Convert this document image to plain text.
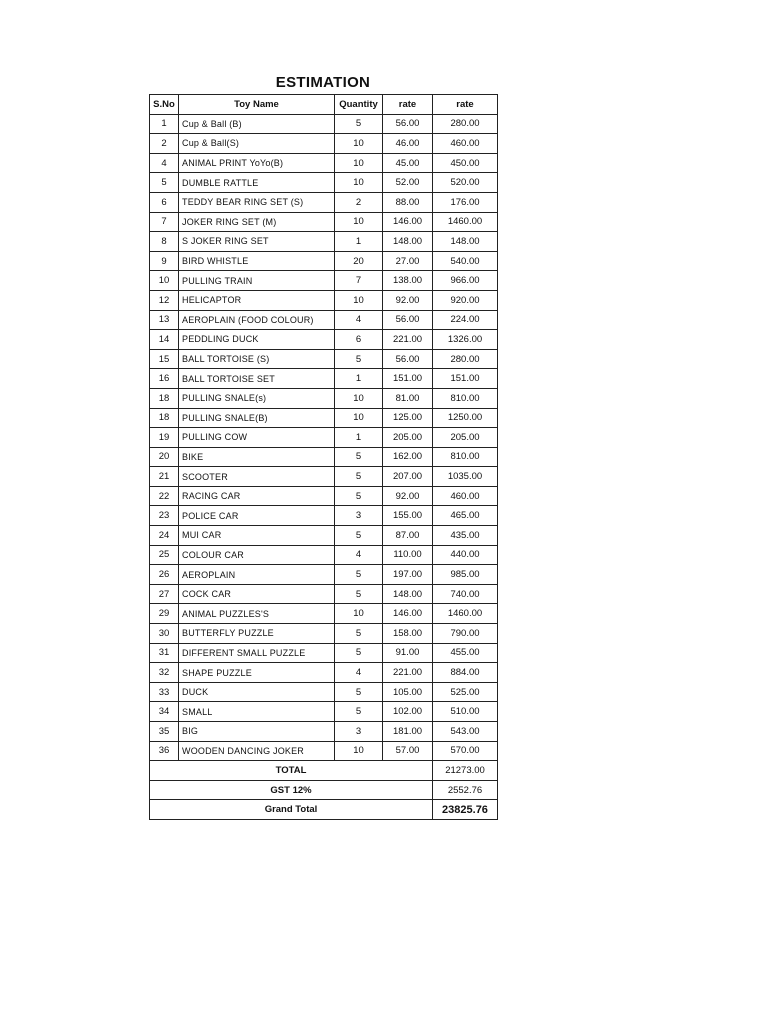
ESTIMATION
S.No	Toy Name	Quantity	rate	rate
1	Cup & Ball (B)	5	56.00	280.00
2	Cup & Ball(S)	10	46.00	460.00
4	ANIMAL PRINT YoYo(B)	10	45.00	450.00
5	DUMBLE RATTLE	10	52.00	520.00
6	TEDDY BEAR RING SET (S)	2	88.00	176.00
7	JOKER RING SET (M)	10	146.00	1460.00
8	S JOKER RING SET	1	148.00	148.00
9	BIRD WHISTLE	20	27.00	540.00
10	PULLING TRAIN	7	138.00	966.00
12	HELICAPTOR	10	92.00	920.00
13	AEROPLAIN (FOOD COLOUR)	4	56.00	224.00
14	PEDDLING DUCK	6	221.00	1326.00
15	BALL TORTOISE (S)	5	56.00	280.00
16	BALL TORTOISE SET	1	151.00	151.00
18	PULLING SNALE(s)	10	81.00	810.00
18	PULLING SNALE(B)	10	125.00	1250.00
19	PULLING COW	1	205.00	205.00
20	BIKE	5	162.00	810.00
21	SCOOTER	5	207.00	1035.00
22	RACING CAR	5	92.00	460.00
23	POLICE CAR	3	155.00	465.00
24	MUI CAR	5	87.00	435.00
25	COLOUR CAR	4	110.00	440.00
26	AEROPLAIN	5	197.00	985.00
27	COCK CAR	5	148.00	740.00
29	ANIMAL PUZZLES'S	10	146.00	1460.00
30	BUTTERFLY PUZZLE	5	158.00	790.00
31	DIFFERENT SMALL PUZZLE	5	91.00	455.00
32	SHAPE PUZZLE	4	221.00	884.00
33	DUCK	5	105.00	525.00
34	SMALL	5	102.00	510.00
35	BIG	3	181.00	543.00
36	WOODEN DANCING JOKER	10	57.00	570.00
TOTAL				21273.00
GST 12%				2552.76
Grand Total				23825.76
